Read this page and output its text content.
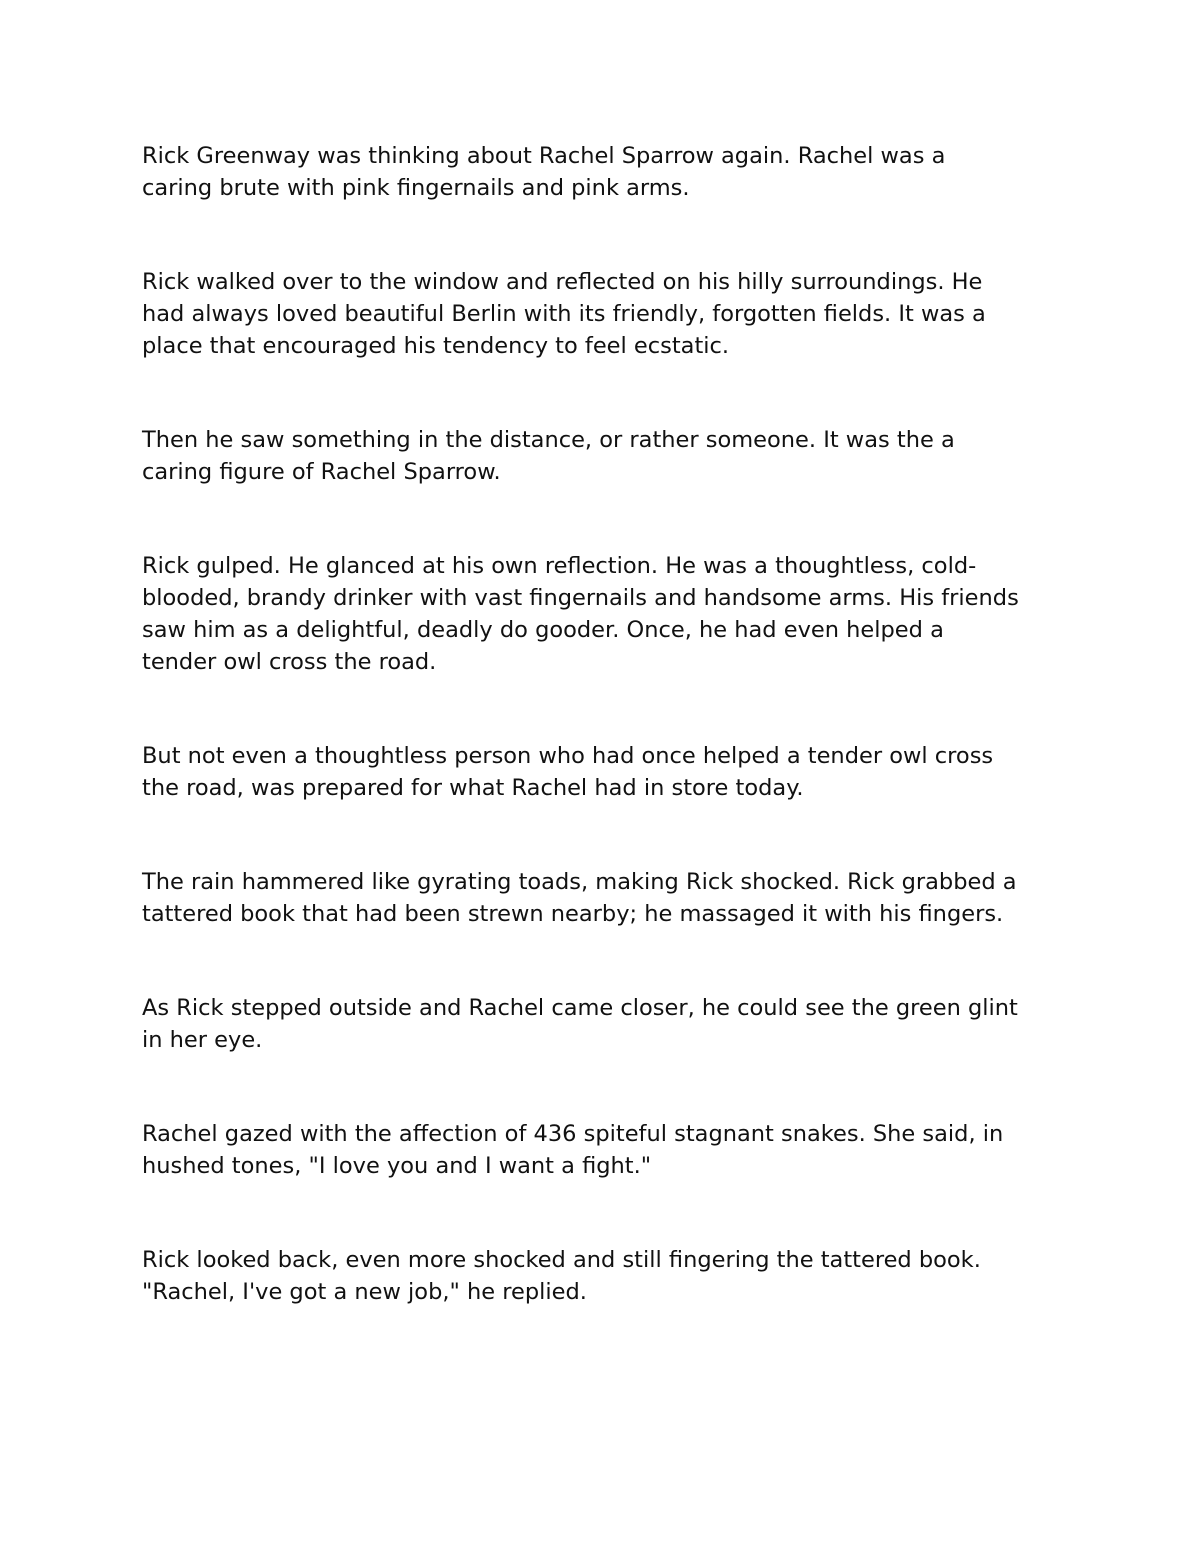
Rick Greenway was thinking about Rachel Sparrow again. Rachel was a
caring brute with pink fingernails and pink arms.

Rick walked over to the window and reflected on his hilly surroundings. He
had always loved beautiful Berlin with its friendly, forgotten fields. It was a
place that encouraged his tendency to feel ecstatic.

Then he saw something in the distance, or rather someone. It was the a
caring figure of Rachel Sparrow.

Rick gulped. He glanced at his own reflection. He was a thoughtless, cold-
blooded, brandy drinker with vast fingernails and handsome arms. His friends
saw him as a delightful, deadly do gooder. Once, he had even helped a
tender owl cross the road.

But not even a thoughtless person who had once helped a tender owl cross
the road, was prepared for what Rachel had in store today.

The rain hammered like gyrating toads, making Rick shocked. Rick grabbed a
tattered book that had been strewn nearby; he massaged it with his fingers.

As Rick stepped outside and Rachel came closer, he could see the green glint
in her eye.

Rachel gazed with the affection of 436 spiteful stagnant snakes. She said, in
hushed tones, "I love you and I want a fight."

Rick looked back, even more shocked and still fingering the tattered book.
"Rachel, I've got a new job," he replied.
